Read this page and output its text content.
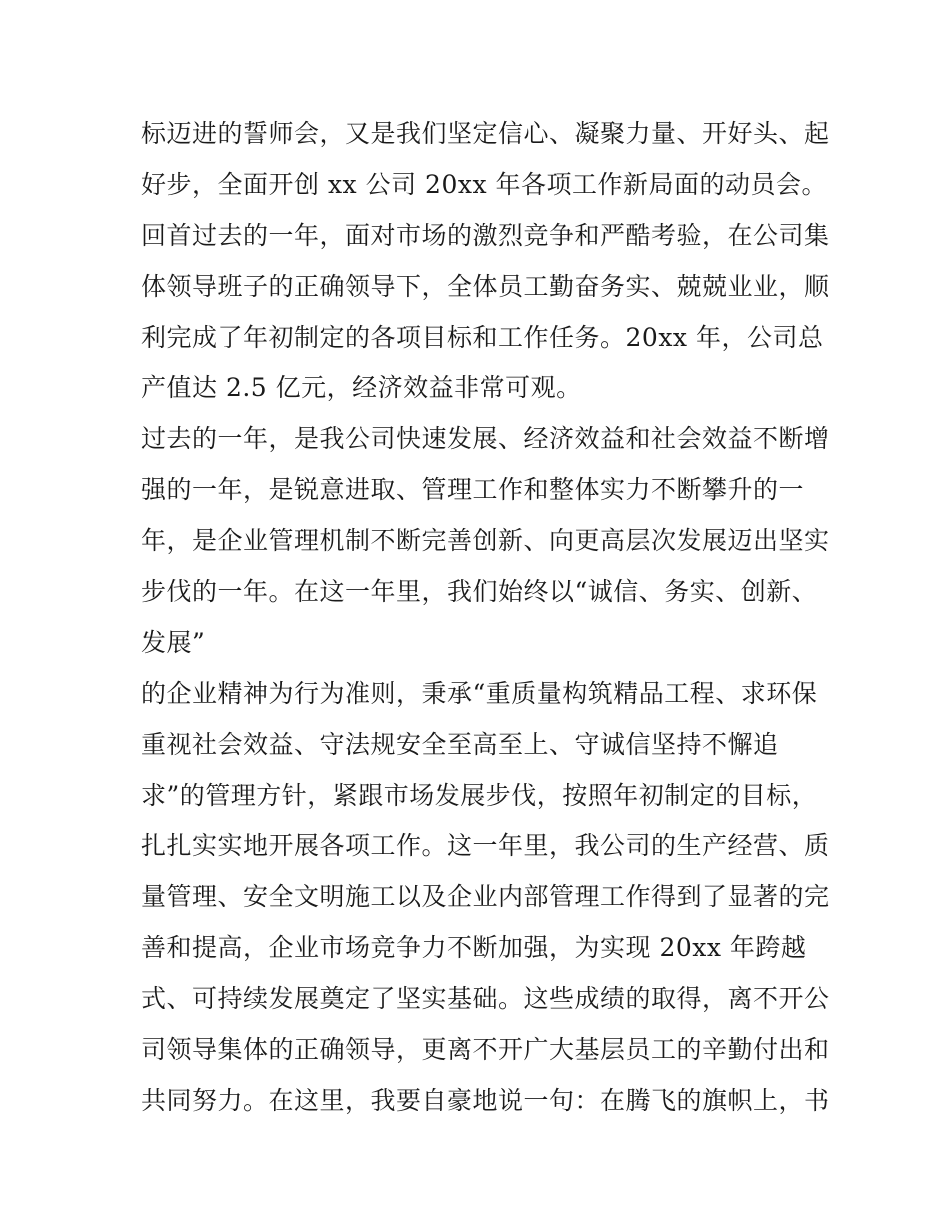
标迈进的誓师会，又是我们坚定信心、凝聚力量、开好头、起
好步，全面开创 xx 公司 20xx 年各项工作新局面的动员会。
回首过去的一年，面对市场的激烈竞争和严酷考验，在公司集
体领导班子的正确领导下，全体员工勤奋务实、兢兢业业，顺
利完成了年初制定的各项目标和工作任务。20xx 年，公司总
产值达 2.5 亿元，经济效益非常可观。
过去的一年，是我公司快速发展、经济效益和社会效益不断增
强的一年，是锐意进取、管理工作和整体实力不断攀升的一
年，是企业管理机制不断完善创新、向更高层次发展迈出坚实
步伐的一年。在这一年里，我们始终以“诚信、务实、创新、
发展”
的企业精神为行为准则，秉承“重质量构筑精品工程、求环保
重视社会效益、守法规安全至高至上、守诚信坚持不懈追
求”的管理方针，紧跟市场发展步伐，按照年初制定的目标，
扎扎实实地开展各项工作。这一年里，我公司的生产经营、质
量管理、安全文明施工以及企业内部管理工作得到了显著的完
善和提高，企业市场竞争力不断加强，为实现 20xx 年跨越
式、可持续发展奠定了坚实基础。这些成绩的取得，离不开公
司领导集体的正确领导，更离不开广大基层员工的辛勤付出和
共同努力。在这里，我要自豪地说一句：在腾飞的旗帜上，书
